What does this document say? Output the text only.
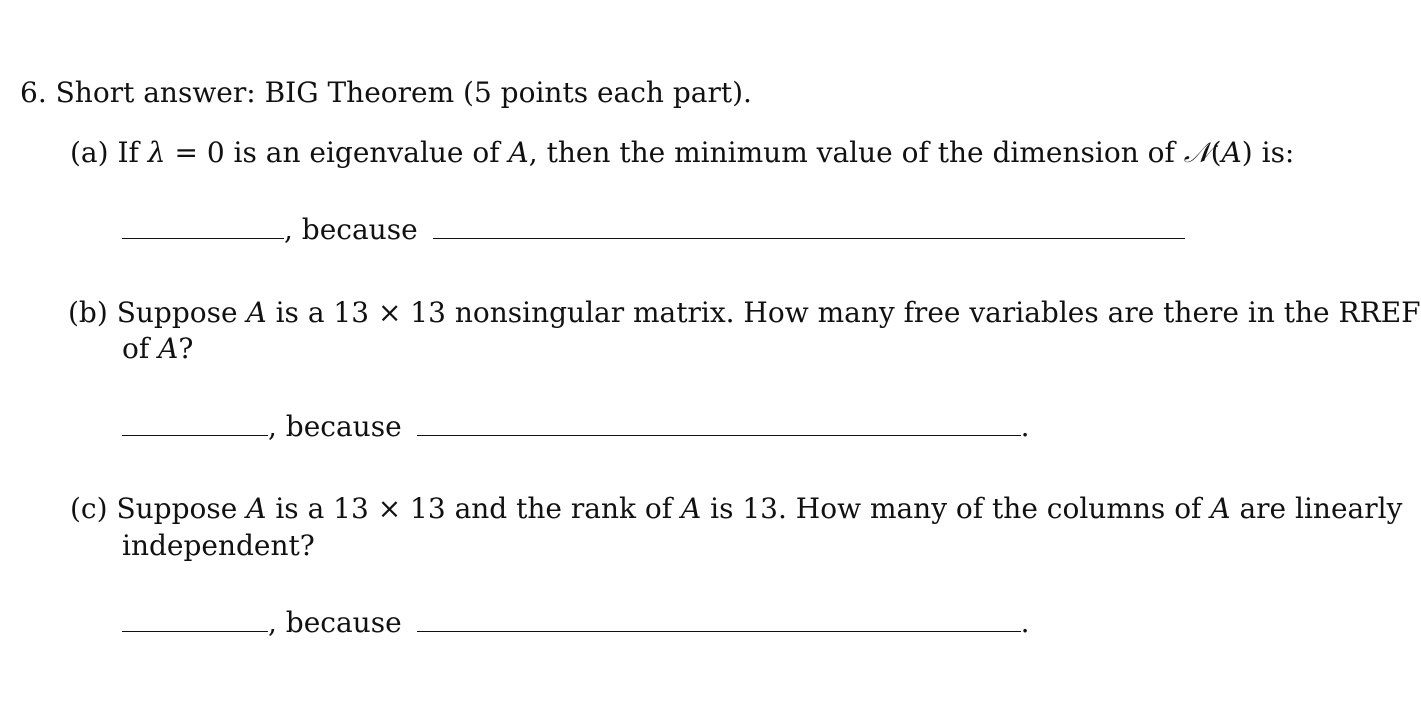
6. Short answer: BIG Theorem (5 points each part).
(a) If λ = 0 is an eigenvalue of A, then the minimum value of the dimension of 𝒩(A) is:
, because
(b) Suppose A is a 13 × 13 nonsingular matrix. How many free variables are there in the RREF
of A?
, because	.
(c) Suppose A is a 13 × 13 and the rank of A is 13. How many of the columns of A are linearly
independent?
, because	.
